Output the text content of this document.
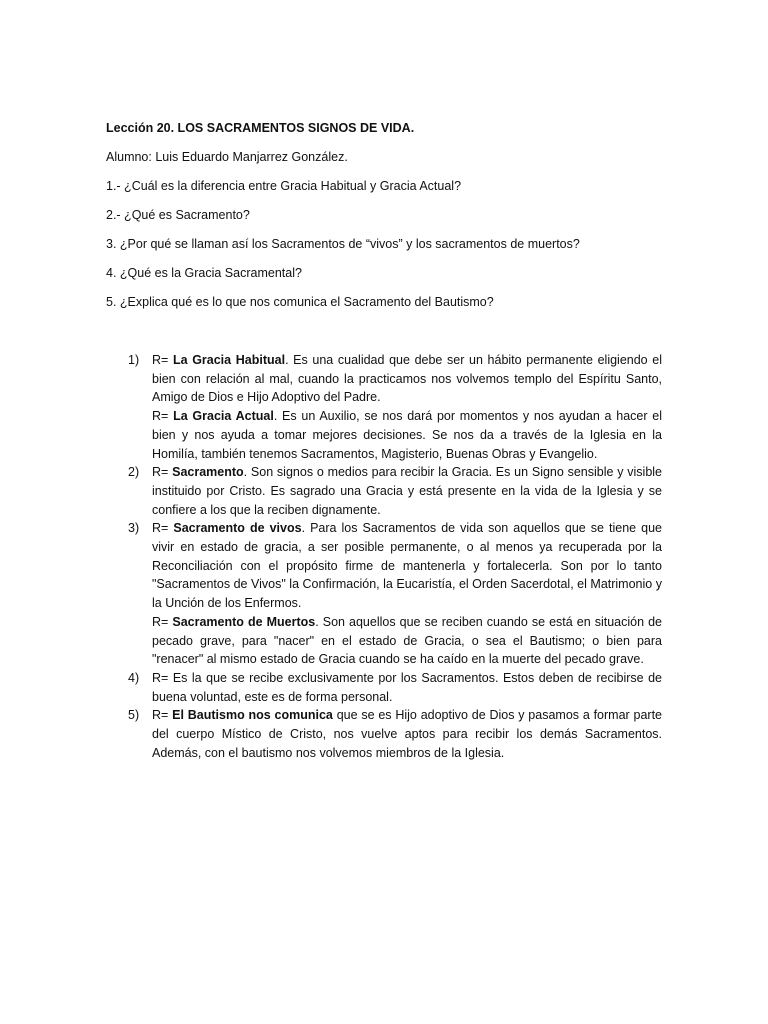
Lección 20. LOS SACRAMENTOS SIGNOS DE VIDA.
Alumno: Luis Eduardo Manjarrez González.
1.- ¿Cuál es la diferencia entre Gracia Habitual y Gracia Actual?
2.- ¿Qué es Sacramento?
3. ¿Por qué se llaman así los Sacramentos de “vivos” y los sacramentos de muertos?
4. ¿Qué es la Gracia Sacramental?
5. ¿Explica qué es lo que nos comunica el Sacramento del Bautismo?
1) R= La Gracia Habitual. Es una cualidad que debe ser un hábito permanente eligiendo el bien con relación al mal, cuando la practicamos nos volvemos templo del Espíritu Santo, Amigo de Dios e Hijo Adoptivo del Padre.

R= La Gracia Actual. Es un Auxilio, se nos dará por momentos y nos ayudan a hacer el bien y nos ayuda a tomar mejores decisiones. Se nos da a través de la Iglesia en la Homilía, también tenemos Sacramentos, Magisterio, Buenas Obras y Evangelio.

2) R= Sacramento. Son signos o medios para recibir la Gracia. Es un Signo sensible y visible instituido por Cristo. Es sagrado una Gracia y está presente en la vida de la Iglesia y se confiere a los que la reciben dignamente.

3) R= Sacramento de vivos. Para los Sacramentos de vida son aquellos que se tiene que vivir en estado de gracia, a ser posible permanente, o al menos ya recuperada por la Reconciliación con el propósito firme de mantenerla y fortalecerla. Son por lo tanto "Sacramentos de Vivos" la Confirmación, la Eucaristía, el Orden Sacerdotal, el Matrimonio y la Unción de los Enfermos.

R= Sacramento de Muertos. Son aquellos que se reciben cuando se está en situación de pecado grave, para "nacer" en el estado de Gracia, o sea el Bautismo; o bien para "renacer" al mismo estado de Gracia cuando se ha caído en la muerte del pecado grave.

4) R= Es la que se recibe exclusivamente por los Sacramentos. Estos deben de recibirse de buena voluntad, este es de forma personal.

5) R= El Bautismo nos comunica que se es Hijo adoptivo de Dios y pasamos a formar parte del cuerpo Místico de Cristo, nos vuelve aptos para recibir los demás Sacramentos. Además, con el bautismo nos volvemos miembros de la Iglesia.
